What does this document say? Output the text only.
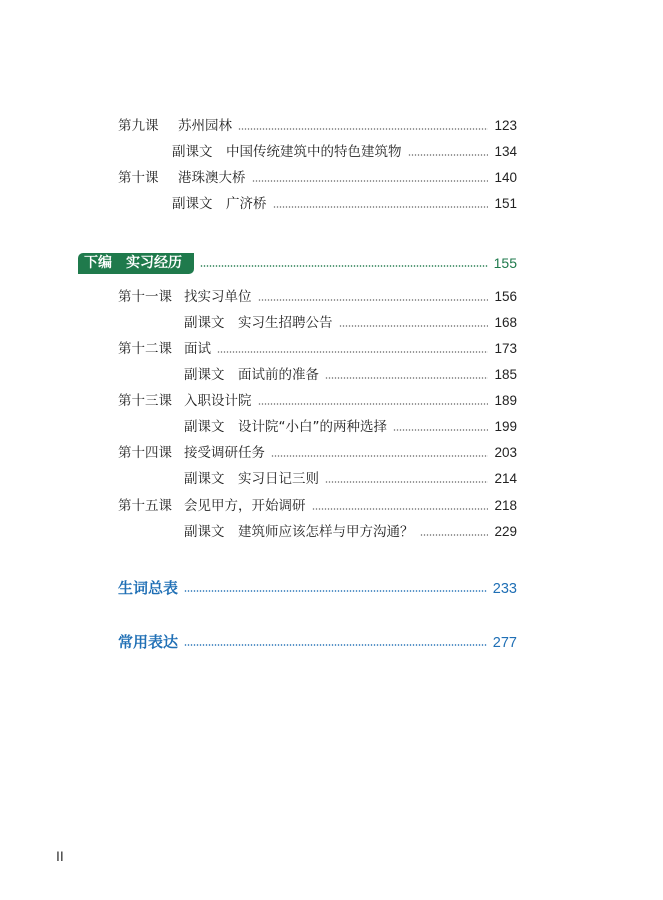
第九课	苏州园林	123
副课文	中国传统建筑中的特色建筑物	134
第十课	港珠澳大桥	140
副课文	广济桥	151
下编 实习经历	155
第十一课 找实习单位	156
副课文	实习生招聘公告	168
第十二课 面试	173
副课文	面试前的准备	185
第十三课 入职设计院	189
副课文	设计院“小白”的两种选择	199
第十四课 接受调研任务	203
副课文	实习日记三则	214
第十五课 会见甲方，开始调研	218
副课文	建筑师应该怎样与甲方沟通？	229
生词总表	233
常用表达	277
II
